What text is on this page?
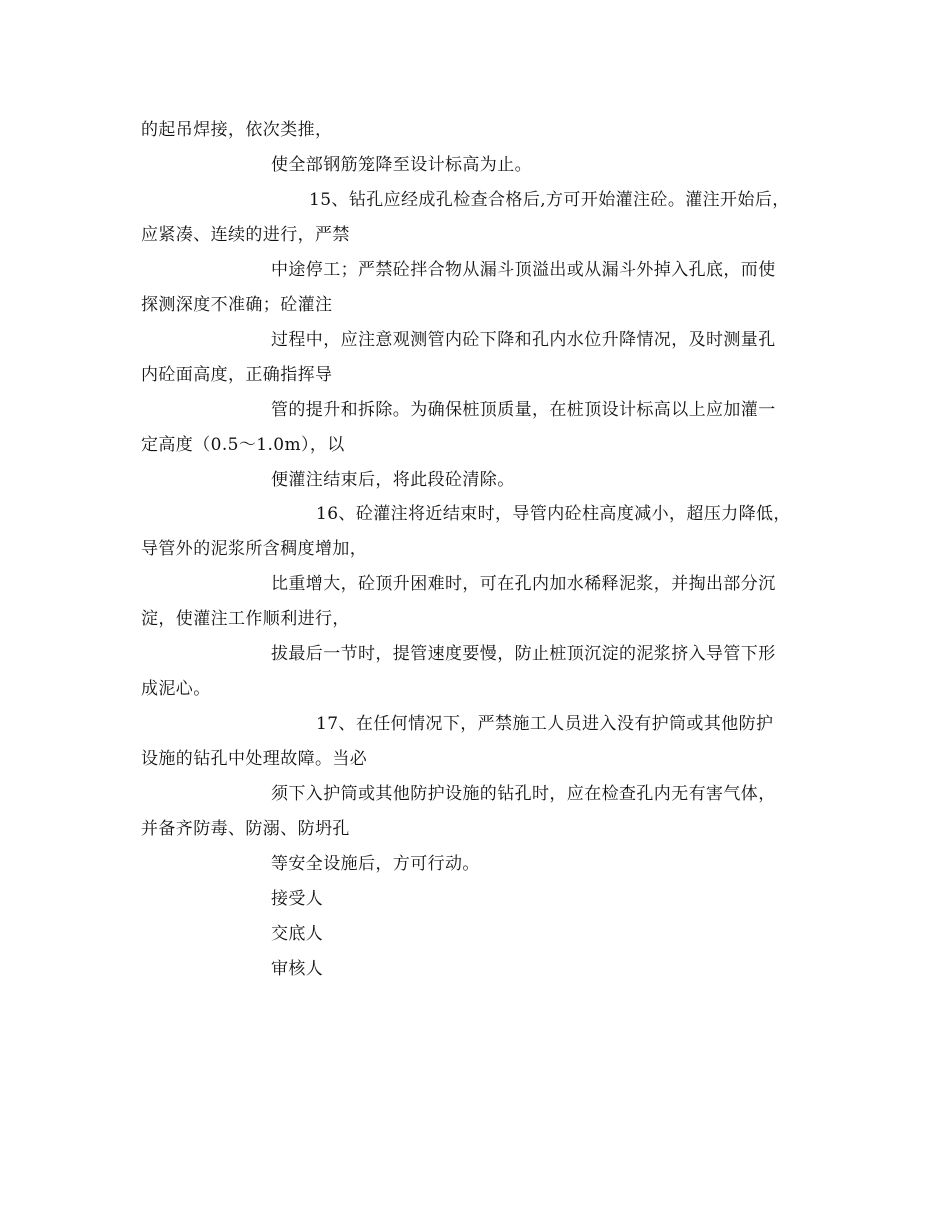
的起吊焊接，依次类推，
使全部钢筋笼降至设计标高为止。
15、钻孔应经成孔检查合格后,方可开始灌注砼。灌注开始后，
应紧凑、连续的进行，严禁
中途停工；严禁砼拌合物从漏斗顶溢出或从漏斗外掉入孔底，而使
探测深度不准确；砼灌注
过程中，应注意观测管内砼下降和孔内水位升降情况，及时测量孔
内砼面高度，正确指挥导
管的提升和拆除。为确保桩顶质量，在桩顶设计标高以上应加灌一
定高度（0.5～1.0m），以
便灌注结束后，将此段砼清除。
16、砼灌注将近结束时，导管内砼柱高度减小，超压力降低，
导管外的泥浆所含稠度增加，
比重增大，砼顶升困难时，可在孔内加水稀释泥浆，并掏出部分沉
淀，使灌注工作顺利进行，
拔最后一节时，提管速度要慢，防止桩顶沉淀的泥浆挤入导管下形
成泥心。
17、在任何情况下，严禁施工人员进入没有护筒或其他防护
设施的钻孔中处理故障。当必
须下入护筒或其他防护设施的钻孔时，应在检查孔内无有害气体，
并备齐防毒、防溺、防坍孔
等安全设施后，方可行动。
接受人
交底人
审核人
